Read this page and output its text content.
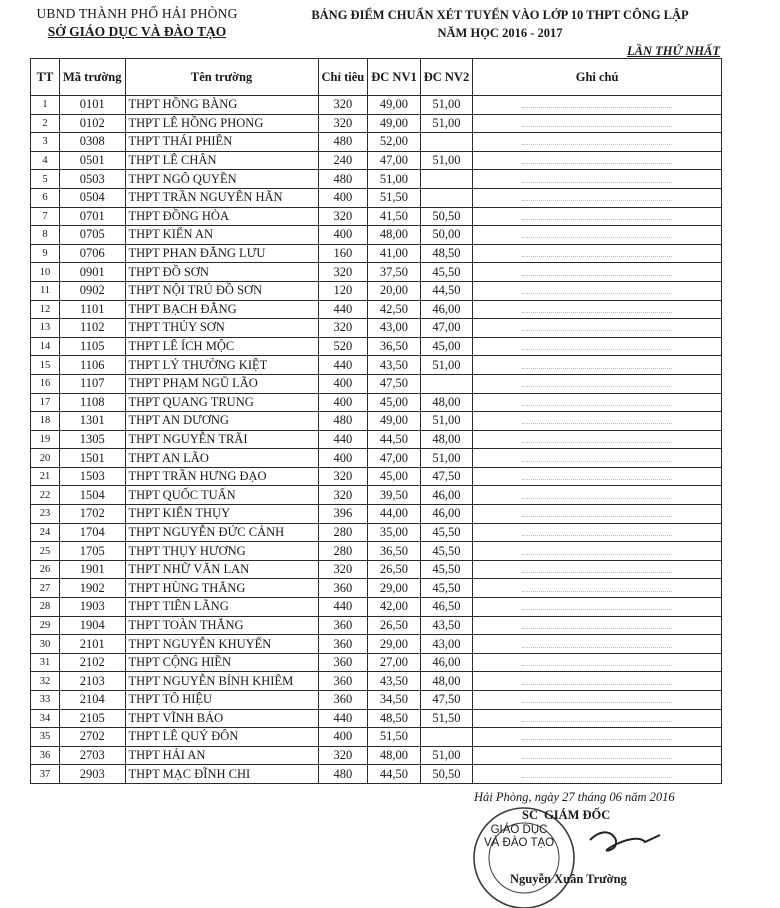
UBND THÀNH PHỐ HẢI PHÒNG
SỞ GIÁO DỤC VÀ ĐÀO TẠO
BẢNG ĐIỂM CHUẨN XÉT TUYỂN VÀO LỚP 10 THPT CÔNG LẬP
NĂM HỌC 2016 - 2017
LẦN THỨ NHẤT
TT	Mã trường	Tên trường	Chỉ tiêu	ĐC NV1	ĐC NV2	Ghi chú
1	0101	THPT HỒNG BÀNG	320	49,00	51,00	
2	0102	THPT LÊ HỒNG PHONG	320	49,00	51,00	
3	0308	THPT THÁI PHIÊN	480	52,00		
4	0501	THPT LÊ CHÂN	240	47,00	51,00	
5	0503	THPT NGÔ QUYỀN	480	51,00		
6	0504	THPT TRẦN NGUYÊN HÃN	400	51,50		
7	0701	THPT ĐỒNG HÒA	320	41,50	50,50	
8	0705	THPT KIẾN AN	400	48,00	50,00	
9	0706	THPT PHAN ĐĂNG LƯU	160	41,00	48,50	
10	0901	THPT ĐỒ SƠN	320	37,50	45,50	
11	0902	THPT NỘI TRÚ ĐỒ SƠN	120	20,00	44,50	
12	1101	THPT BẠCH ĐẰNG	440	42,50	46,00	
13	1102	THPT THỦY SƠN	320	43,00	47,00	
14	1105	THPT LÊ ÍCH MỘC	520	36,50	45,00	
15	1106	THPT LÝ THƯỜNG KIỆT	440	43,50	51,00	
16	1107	THPT PHẠM NGŨ LÃO	400	47,50		
17	1108	THPT QUANG TRUNG	400	45,00	48,00	
18	1301	THPT AN DƯƠNG	480	49,00	51,00	
19	1305	THPT NGUYỄN TRÃI	440	44,50	48,00	
20	1501	THPT AN LÃO	400	47,00	51,00	
21	1503	THPT TRẦN HƯNG ĐẠO	320	45,00	47,50	
22	1504	THPT QUỐC TUẤN	320	39,50	46,00	
23	1702	THPT KIẾN THỤY	396	44,00	46,00	
24	1704	THPT NGUYỄN ĐỨC CẢNH	280	35,00	45,50	
25	1705	THPT THỤY HƯƠNG	280	36,50	45,50	
26	1901	THPT NHỮ VĂN LAN	320	26,50	45,50	
27	1902	THPT HÙNG THẮNG	360	29,00	45,50	
28	1903	THPT TIÊN LÃNG	440	42,00	46,50	
29	1904	THPT TOÀN THẮNG	360	26,50	43,50	
30	2101	THPT NGUYỄN KHUYẾN	360	29,00	43,00	
31	2102	THPT CỘNG HIỀN	360	27,00	46,00	
32	2103	THPT NGUYỄN BỈNH KHIÊM	360	43,50	48,00	
33	2104	THPT TÔ HIỆU	360	34,50	47,50	
34	2105	THPT VĨNH BẢO	440	48,50	51,50	
35	2702	THPT LÊ QUÝ ĐÔN	400	51,50		
36	2703	THPT HẢI AN	320	48,00	51,00	
37	2903	THPT MẠC ĐĨNH CHI	480	44,50	50,50	
Hải Phòng, ngày 27 tháng 06 năm 2016
SC GIÁM ĐỐC
GIÁO DỤC
VÀ ĐÀO TẠO
Nguyễn Xuân Trường
